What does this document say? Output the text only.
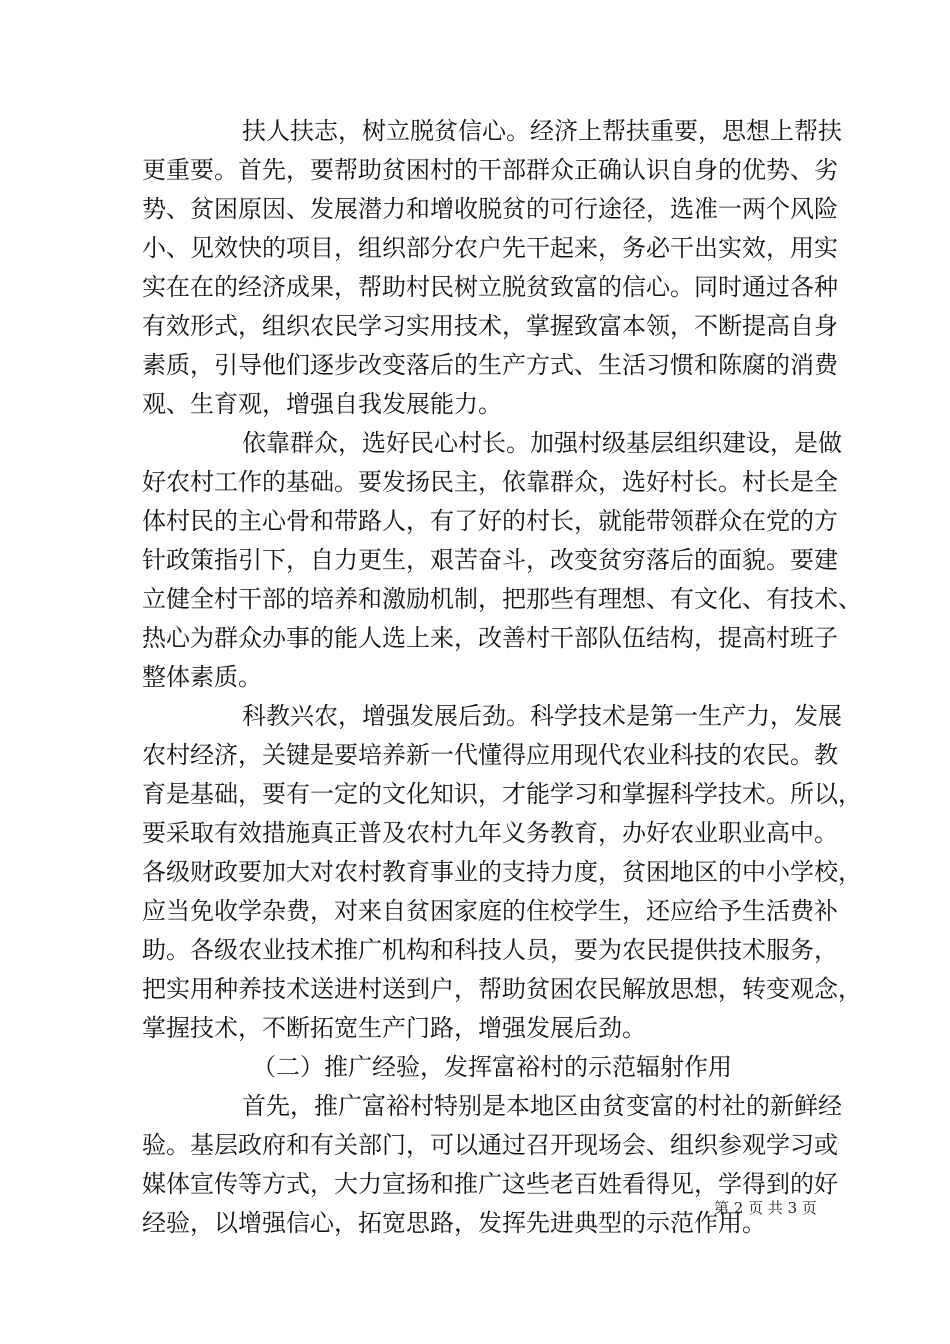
扶人扶志，树立脱贫信心。经济上帮扶重要，思想上帮扶
更重要。首先，要帮助贫困村的干部群众正确认识自身的优势、劣
势、贫困原因、发展潜力和增收脱贫的可行途径，选准一两个风险
小、见效快的项目，组织部分农户先干起来，务必干出实效，用实
实在在的经济成果，帮助村民树立脱贫致富的信心。同时通过各种
有效形式，组织农民学习实用技术，掌握致富本领，不断提高自身
素质，引导他们逐步改变落后的生产方式、生活习惯和陈腐的消费
观、生育观，增强自我发展能力。

依靠群众，选好民心村长。加强村级基层组织建设，是做
好农村工作的基础。要发扬民主，依靠群众，选好村长。村长是全
体村民的主心骨和带路人，有了好的村长，就能带领群众在党的方
针政策指引下，自力更生，艰苦奋斗，改变贫穷落后的面貌。要建
立健全村干部的培养和激励机制，把那些有理想、有文化、有技术、
热心为群众办事的能人选上来，改善村干部队伍结构，提高村班子
整体素质。

科教兴农，增强发展后劲。科学技术是第一生产力，发展
农村经济，关键是要培养新一代懂得应用现代农业科技的农民。教
育是基础，要有一定的文化知识，才能学习和掌握科学技术。所以，
要采取有效措施真正普及农村九年义务教育，办好农业职业高中。
各级财政要加大对农村教育事业的支持力度，贫困地区的中小学校，
应当免收学杂费，对来自贫困家庭的住校学生，还应给予生活费补
助。各级农业技术推广机构和科技人员，要为农民提供技术服务，
把实用种养技术送进村送到户，帮助贫困农民解放思想，转变观念，
掌握技术，不断拓宽生产门路，增强发展后劲。

（二）推广经验，发挥富裕村的示范辐射作用

首先，推广富裕村特别是本地区由贫变富的村社的新鲜经
验。基层政府和有关部门，可以通过召开现场会、组织参观学习或
媒体宣传等方式，大力宣扬和推广这些老百姓看得见，学得到的好
经验，以增强信心，拓宽思路，发挥先进典型的示范作用。

第 2 页 共 3 页
